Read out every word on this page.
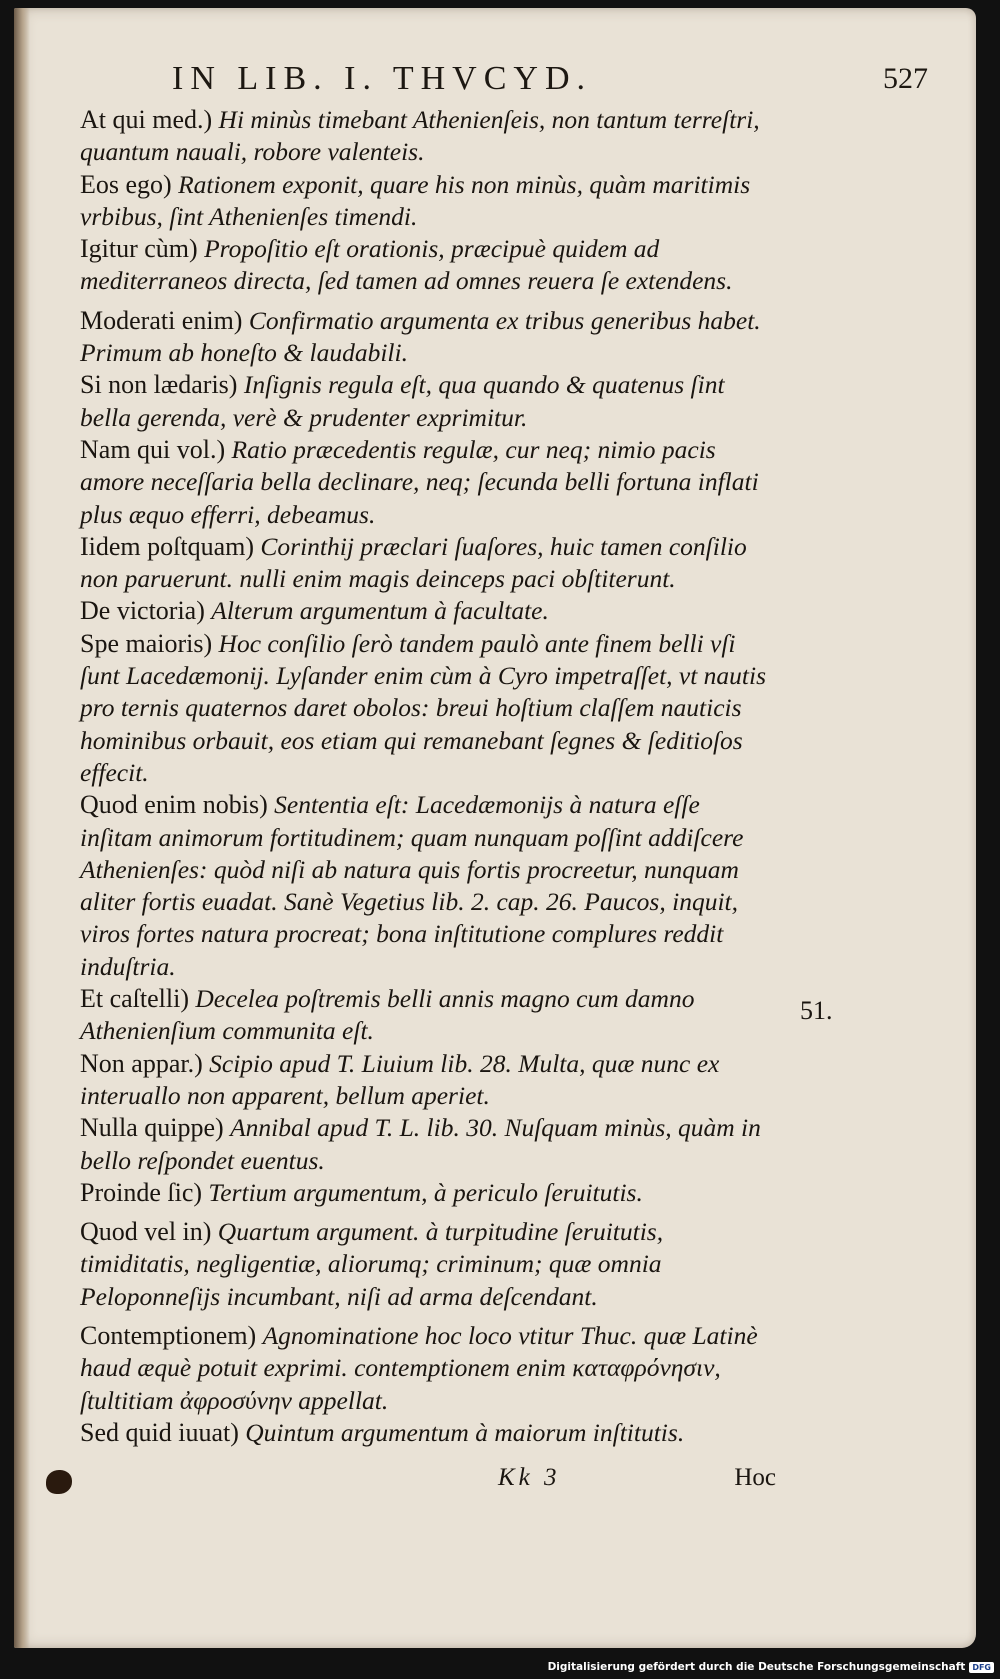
IN LIB. I. THVCYD.	527

At qui med.) Hi minùs timebant Athenienſeis, non tantum terreſtri, quantum nauali, robore valenteis.

Eos ego) Rationem exponit, quare his non minùs, quàm maritimis vrbibus, ſint Athenienſes timendi.

Igitur cùm) Propoſitio eſt orationis, præcipuè quidem ad mediterraneos directa, ſed tamen ad omnes reuera ſe extendens.

Moderati enim) Confirmatio argumenta ex tribus generibus habet. Primum ab honeſto & laudabili.

Si non lædaris) Inſignis regula eſt, qua quando & quatenus ſint bella gerenda, verè & prudenter exprimitur.

Nam qui vol.) Ratio præcedentis regulæ, cur neq; nimio pacis amore neceſſaria bella declinare, neq; ſecunda belli fortuna inflati plus æquo efferri, debeamus.

Iidem poſtquam) Corinthij præclari ſuaſores, huic tamen conſilio non paruerunt. nulli enim magis deinceps paci obſtiterunt.

De victoria) Alterum argumentum à facultate.

Spe maioris) Hoc conſilio ſerò tandem paulò ante finem belli vſi ſunt Lacedæmonij. Lyſander enim cùm à Cyro impetraſſet, vt nautis pro ternis quaternos daret obolos: breui hoſtium claſſem nauticis hominibus orbauit, eos etiam qui remanebant ſegnes & ſeditioſos effecit.

Quod enim nobis) Sententia eſt: Lacedæmonijs à natura eſſe inſitam animorum fortitudinem; quam nunquam poſſint addiſcere Athenienſes: quòd niſi ab natura quis fortis procreetur, nunquam aliter fortis euadat. Sanè Vegetius lib. 2. cap. 26. Paucos, inquit, viros fortes natura procreat; bona inſtitutione complures reddit induſtria.

Et caſtelli) Decelea poſtremis belli annis magno cum damno Athenienſium communita eſt.

Non appar.) Scipio apud T. Liuium lib. 28. Multa, quæ nunc ex interuallo non apparent, bellum aperiet.

Nulla quippe) Annibal apud T. L. lib. 30. Nuſquam minùs, quàm in bello reſpondet euentus.

Proinde ſic) Tertium argumentum, à periculo ſeruitutis.

Quod vel in) Quartum argument. à turpitudine ſeruitutis, timiditatis, negligentiæ, aliorumq; criminum; quæ omnia Peloponneſijs incumbant, niſi ad arma deſcendant.

Contemptionem) Agnominatione hoc loco vtitur Thuc. quæ Latinè haud æquè potuit exprimi. contemptionem enim καταφρόνησιν, ſtultitiam ἀφροσύνην appellat.

Sed quid iuuat) Quintum argumentum à maiorum inſtitutis.

51.
Kk 3	Hoc
Digitalisierung gefördert durch die Deutsche Forschungsgemeinschaft DFG
